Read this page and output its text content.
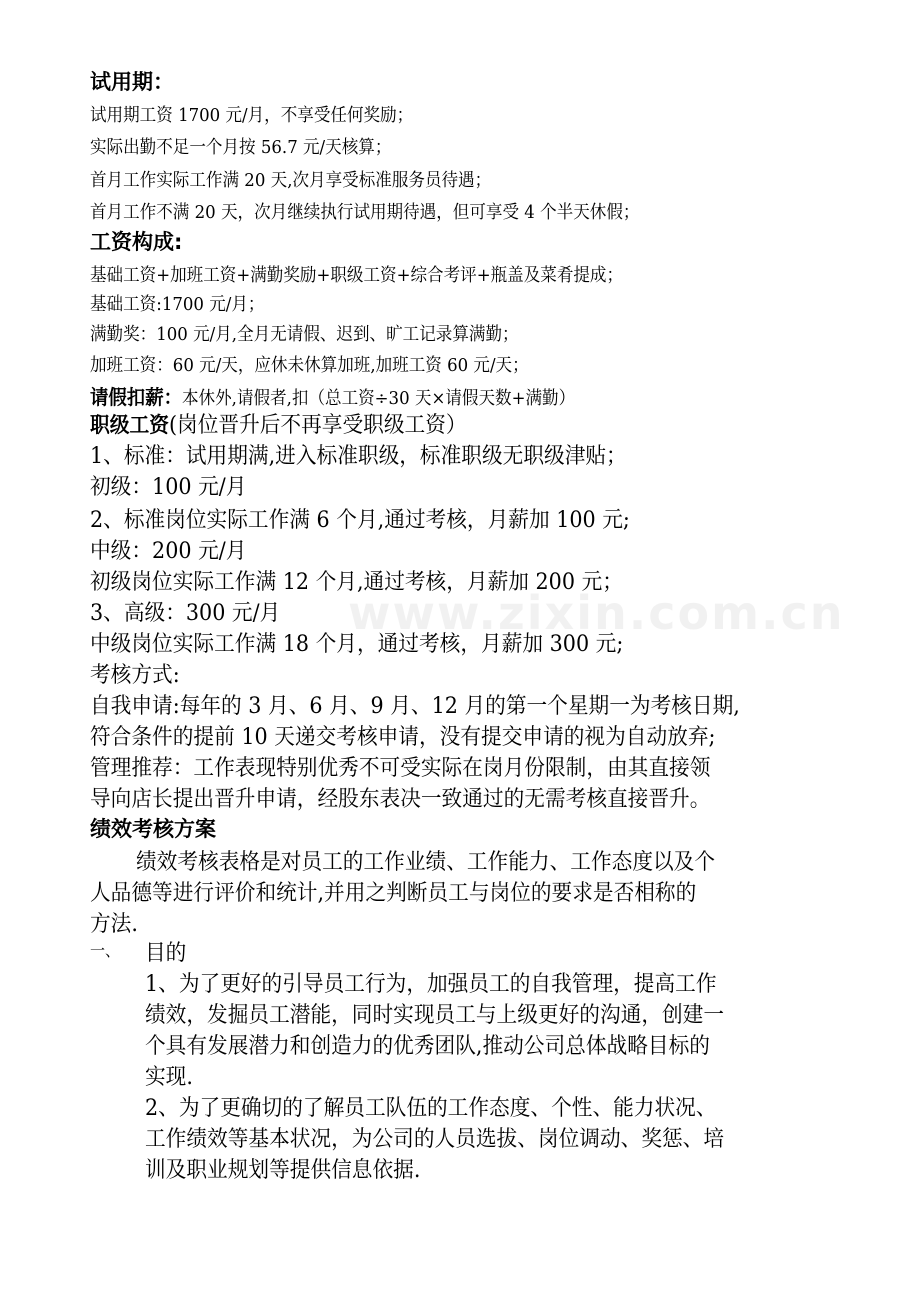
www.zixin.com.cn
试用期：
试用期工资 1700 元/月，不享受任何奖励；
实际出勤不足一个月按 56.7 元/天核算；
首月工作实际工作满 20 天,次月享受标准服务员待遇；
首月工作不满 20 天，次月继续执行试用期待遇，但可享受 4 个半天休假；
工资构成:
基础工资+加班工资+满勤奖励+职级工资+综合考评+瓶盖及菜肴提成；
基础工资:1700 元/月；
满勤奖：100 元/月,全月无请假、迟到、旷工记录算满勤；
加班工资：60 元/天，应休未休算加班,加班工资 60 元/天；
请假扣薪：本休外,请假者,扣（总工资÷30 天×请假天数+满勤）
职级工资(岗位晋升后不再享受职级工资）
1、标准：试用期满,进入标准职级，标准职级无职级津贴；
初级：100 元/月
2、标准岗位实际工作满 6 个月,通过考核，月薪加 100 元;
中级：200 元/月
初级岗位实际工作满 12 个月,通过考核，月薪加 200 元；
3、高级：300 元/月
中级岗位实际工作满 18 个月，通过考核，月薪加 300 元;
考核方式:
自我申请:每年的 3 月、6 月、9 月、12 月的第一个星期一为考核日期,
符合条件的提前 10 天递交考核申请，没有提交申请的视为自动放弃;
管理推荐：工作表现特别优秀不可受实际在岗月份限制，由其直接领
导向店长提出晋升申请，经股东表决一致通过的无需考核直接晋升。
绩效考核方案
绩效考核表格是对员工的工作业绩、工作能力、工作态度以及个
人品德等进行评价和统计,并用之判断员工与岗位的要求是否相称的
方法.
一、 目的
1、为了更好的引导员工行为，加强员工的自我管理，提高工作
绩效，发掘员工潜能，同时实现员工与上级更好的沟通，创建一
个具有发展潜力和创造力的优秀团队,推动公司总体战略目标的
实现.
2、为了更确切的了解员工队伍的工作态度、个性、能力状况、
工作绩效等基本状况，为公司的人员选拔、岗位调动、奖惩、培
训及职业规划等提供信息依据.
